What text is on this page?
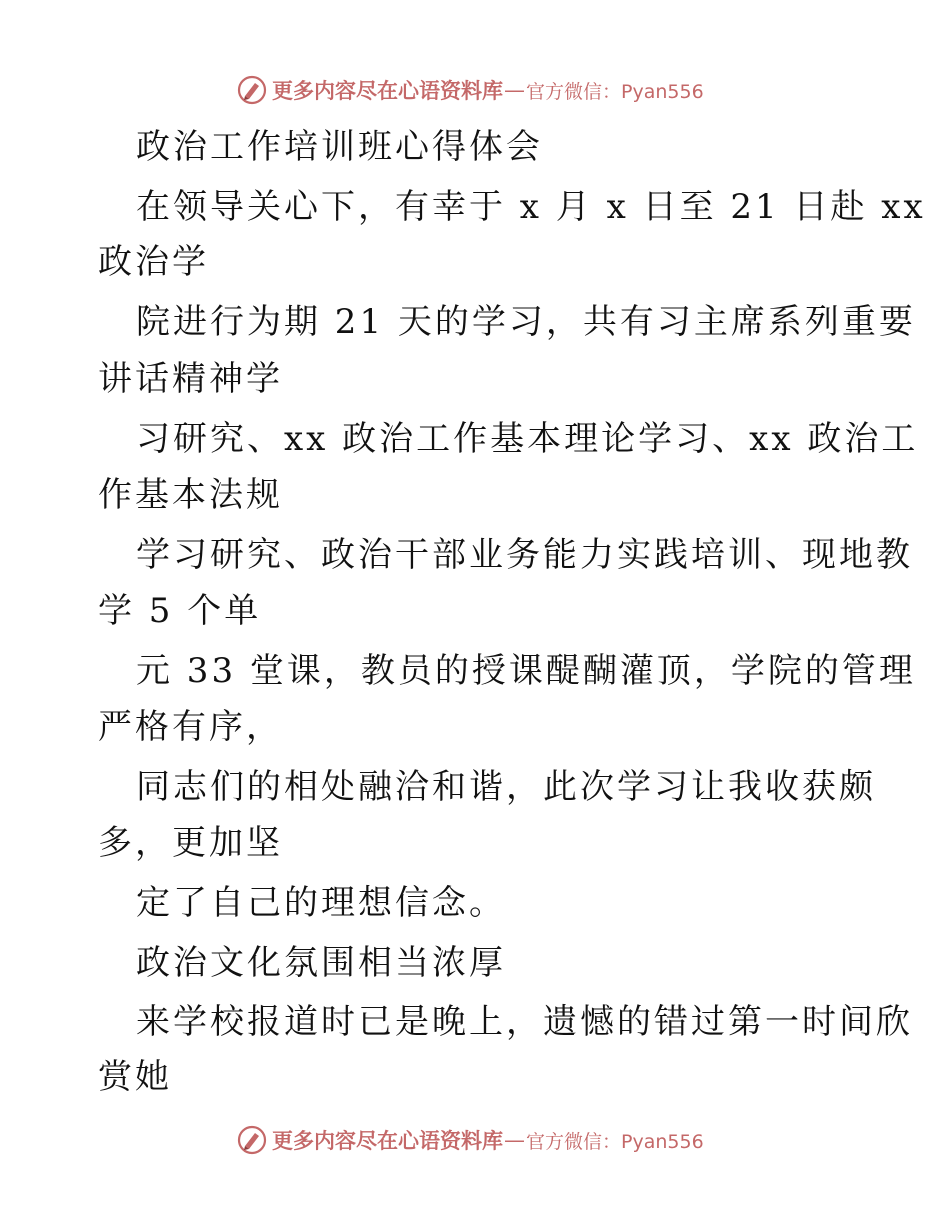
更多内容尽在心语资料库 — 官方微信：Pyan556

政治工作培训班心得体会

在领导关心下，有幸于 x 月 x 日至 21 日赴 xx

政治学

院进行为期 21 天的学习，共有习主席系列重要

讲话精神学

习研究、xx 政治工作基本理论学习、xx 政治工

作基本法规

学习研究、政治干部业务能力实践培训、现地教

学 5 个单

元 33 堂课，教员的授课醍醐灌顶，学院的管理

严格有序，

同志们的相处融洽和谐，此次学习让我收获颇

多，更加坚

定了自己的理想信念。

政治文化氛围相当浓厚

来学校报道时已是晚上，遗憾的错过第一时间欣

赏她

更多内容尽在心语资料库 — 官方微信：Pyan556
